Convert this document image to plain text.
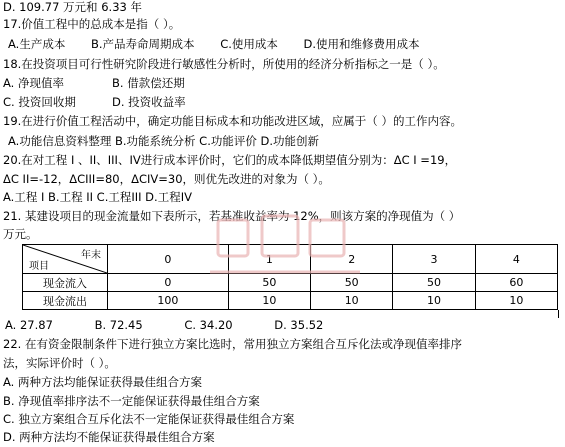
D. 109.77 万元和 6.33 年
17.价值工程中的总成本是指（ ）。
A.生产成本 B.产品寿命周期成本 C.使用成本 D.使用和维修费用成本
18.在投资项目可行性研究阶段进行敏感性分析时，所使用的经济分析指标之一是（ ）。
A. 净现值率	B. 借款偿还期
C. 投资回收期	D. 投资收益率
19.在进行价值工程活动中，确定功能目标成本和功能改进区域，应属于（ ）的工作内容。
A.功能信息资料整理 B.功能系统分析 C.功能评价 D.功能创新
20.在对工程 I 、II、III、IV进行成本评价时，它们的成本降低期望值分别为：ΔC I =19，
ΔC II=-12，ΔCIII=80，ΔCIV=30，则优先改进的对象为（ ）。
A.工程 I B.工程 II C.工程III D.工程IV
21. 某建设项目的现金流量如下表所示，若基准收益率为 12%，则该方案的净现值为（ ）
万元。
年末
项目	0	1	2	3	4
现金流入	0	50	50	50	60
现金流出	100	10	10	10	10
A. 27.87	B. 72.45	C. 34.20	D. 35.52
22. 在有资金限制条件下进行独立方案比选时，常用独立方案组合互斥化法或净现值率排序
法，实际评价时（ ）。
A. 两种方法均能保证获得最佳组合方案
B. 净现值率排序法不一定能保证获得最佳组合方案
C. 独立方案组合互斥化法不一定能保证获得最佳组合方案
D. 两种方法均不能保证获得最佳组合方案
